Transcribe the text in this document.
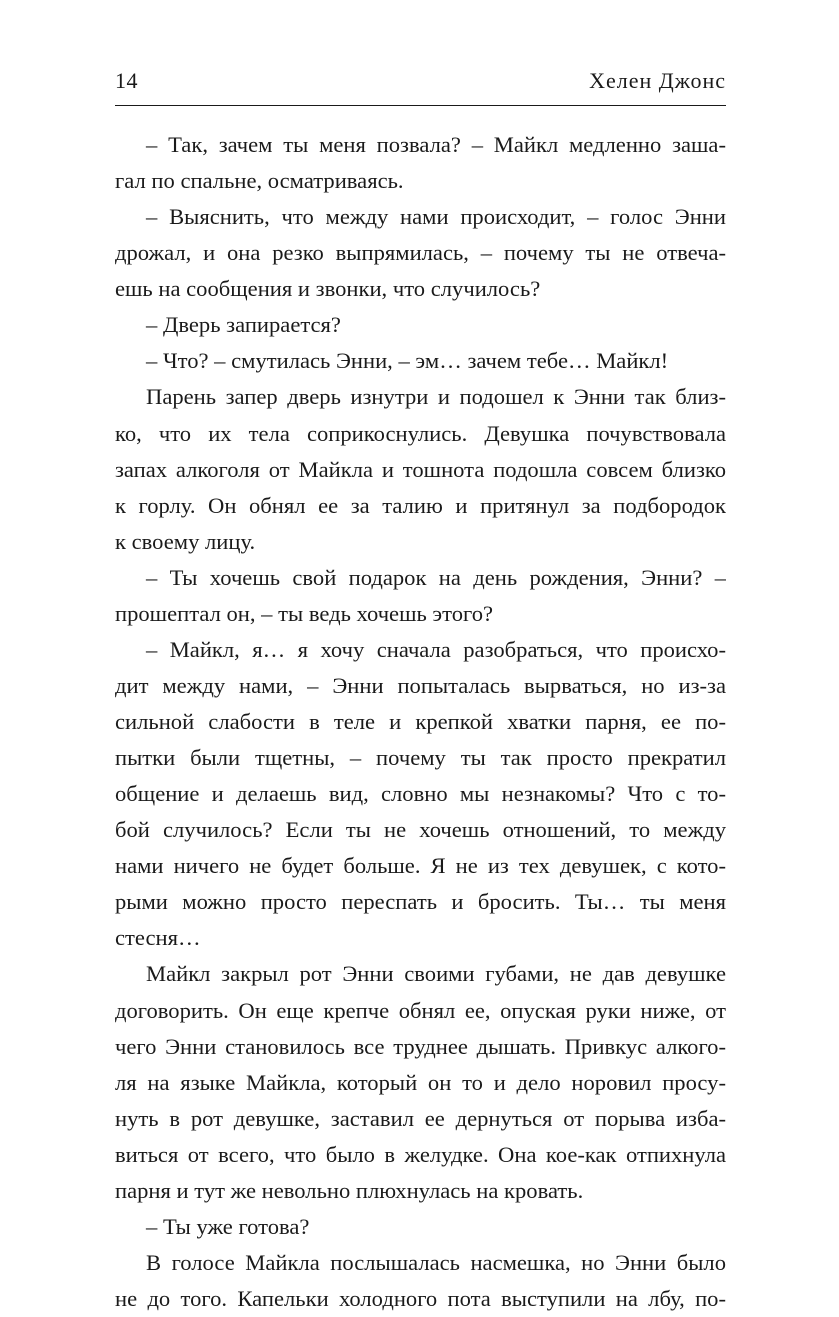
14	Хелен Джонс
– Так, зачем ты меня позвала? – Майкл медленно зашa-
гал по спальне, осматриваясь.
– Выяснить, что между нами происходит, – голос Энни
дрожал, и она резко выпрямилась, – почему ты не отвеча-
ешь на сообщения и звонки, что случилось?
– Дверь запирается?
– Что? – смутилась Энни, – эм… зачем тебе… Майкл!
Парень запер дверь изнутри и подошел к Энни так близ-
ко, что их тела соприкоснулись. Девушка почувствовала
запах алкоголя от Майкла и тошнота подошла совсем близко
к горлу. Он обнял ее за талию и притянул за подбородок
к своему лицу.
– Ты хочешь свой подарок на день рождения, Энни? –
прошептал он, – ты ведь хочешь этого?
– Майкл, я… я хочу сначала разобраться, что происхо-
дит между нами, – Энни попыталась вырваться, но из-за
сильной слабости в теле и крепкой хватки парня, ее по-
пытки были тщетны, – почему ты так просто прекратил
общение и делаешь вид, словно мы незнакомы? Что с то-
бой случилось? Если ты не хочешь отношений, то между
нами ничего не будет больше. Я не из тех девушек, с кото-
рыми можно просто переспать и бросить. Ты… ты меня
стесня…
Майкл закрыл рот Энни своими губами, не дав девушке
договорить. Он еще крепче обнял ее, опуская руки ниже, от
чего Энни становилось все труднее дышать. Привкус алкого-
ля на языке Майкла, который он то и дело норовил просу-
нуть в рот девушке, заставил ее дернуться от порыва изба-
виться от всего, что было в желудке. Она кое-как отпихнула
парня и тут же невольно плюхнулась на кровать.
– Ты уже готова?
В голосе Майкла послышалась насмешка, но Энни было
не до того. Капельки холодного пота выступили на лбу, по-
